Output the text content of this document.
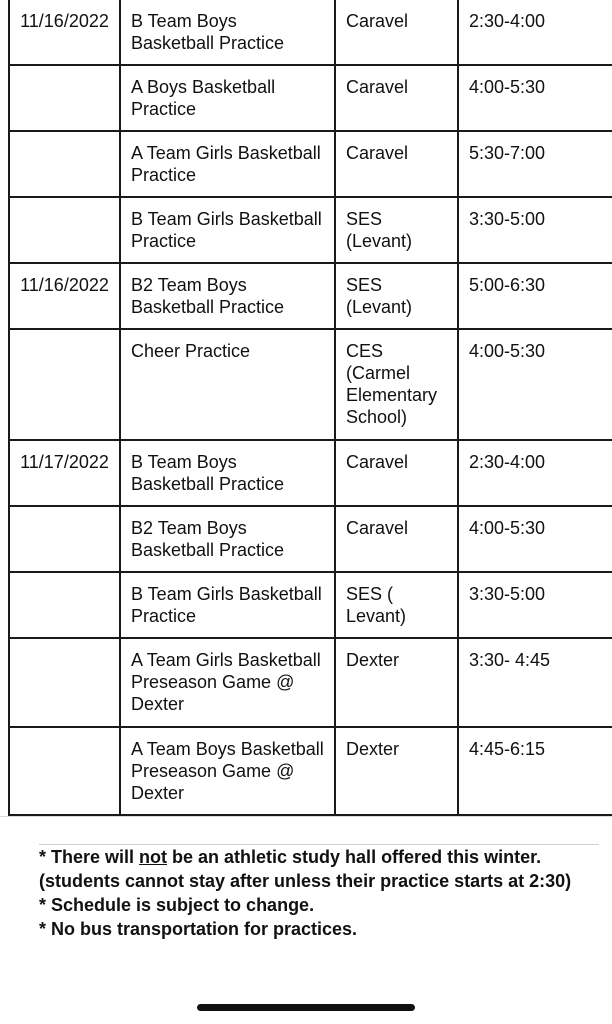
11/16/2022	B Team Boys Basketball Practice	Caravel	2:30-4:00
	A Boys Basketball Practice	Caravel	4:00-5:30
	A Team Girls Basketball Practice	Caravel	5:30-7:00
	B Team Girls Basketball Practice	SES (Levant)	3:30-5:00
11/16/2022	B2 Team Boys Basketball Practice	SES (Levant)	5:00-6:30
	Cheer Practice	CES (Carmel Elementary School)	4:00-5:30
11/17/2022	B Team Boys Basketball Practice	Caravel	2:30-4:00
	B2 Team Boys Basketball Practice	Caravel	4:00-5:30
	B Team Girls Basketball Practice	SES ( Levant)	3:30-5:00
	A Team Girls Basketball Preseason Game @ Dexter	Dexter	3:30- 4:45
	A Team Boys Basketball Preseason Game @ Dexter	Dexter	4:45-6:15
* There will not be an athletic study hall offered this winter. (students cannot stay after unless their practice starts at 2:30)
* Schedule is subject to change.
* No bus transportation for practices.
